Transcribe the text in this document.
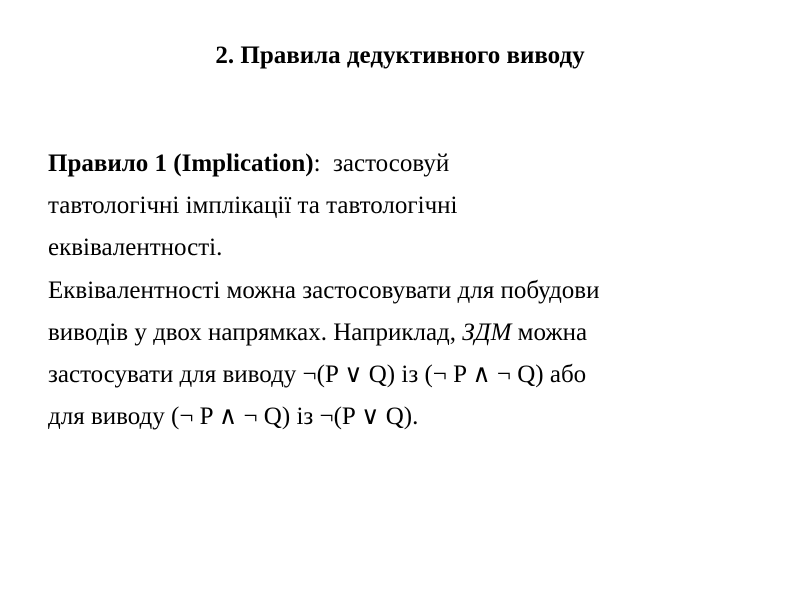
2. Правила дедуктивного виводу
Правило 1 (Implication):  застосовуй
тавтологічні імплікації та тавтологічні
еквівалентності.
Еквівалентності можна застосовувати для побудови
виводів у двох напрямках. Наприклад, ЗДМ можна
застосувати для виводу ¬(P ∨ Q) із (¬ P ∧ ¬ Q) або
для виводу (¬ P ∧ ¬ Q) із ¬(P ∨ Q).
